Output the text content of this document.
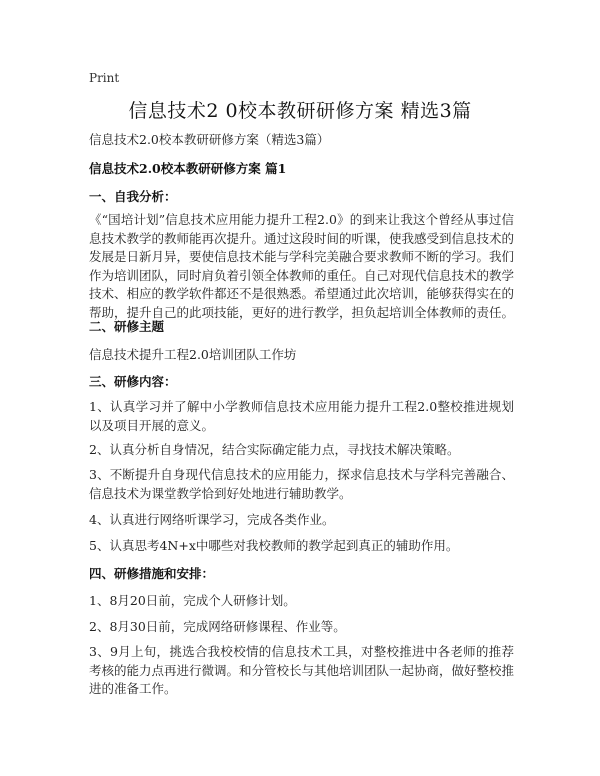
Print
信息技术2 0校本教研研修方案 精选3篇
信息技术2.0校本教研研修方案（精选3篇）
信息技术2.0校本教研研修方案 篇1
一、自我分析：
《“国培计划”信息技术应用能力提升工程2.0》的到来让我这个曾经从事过信息技术教学的教师能再次提升。通过这段时间的听课，使我感受到信息技术的发展是日新月异，要使信息技术能与学科完美融合要求教师不断的学习。我们作为培训团队，同时肩负着引领全体教师的重任。自己对现代信息技术的教学技术、相应的教学软件都还不是很熟悉。希望通过此次培训，能够获得实在的帮助，提升自己的此项技能，更好的进行教学，担负起培训全体教师的责任。
二、研修主题
信息技术提升工程2.0培训团队工作坊
三、研修内容：
1、认真学习并了解中小学教师信息技术应用能力提升工程2.0整校推进规划以及项目开展的意义。
2、认真分析自身情况，结合实际确定能力点，寻找技术解决策略。
3、不断提升自身现代信息技术的应用能力，探求信息技术与学科完善融合、信息技术为课堂教学恰到好处地进行辅助教学。
4、认真进行网络听课学习，完成各类作业。
5、认真思考4N+x中哪些对我校教师的教学起到真正的辅助作用。
四、研修措施和安排：
1、8月20日前，完成个人研修计划。
2、8月30日前，完成网络研修课程、作业等。
3、9月上旬，挑选合我校校情的信息技术工具，对整校推进中各老师的推荐考核的能力点再进行微调。和分管校长与其他培训团队一起协商，做好整校推进的准备工作。
